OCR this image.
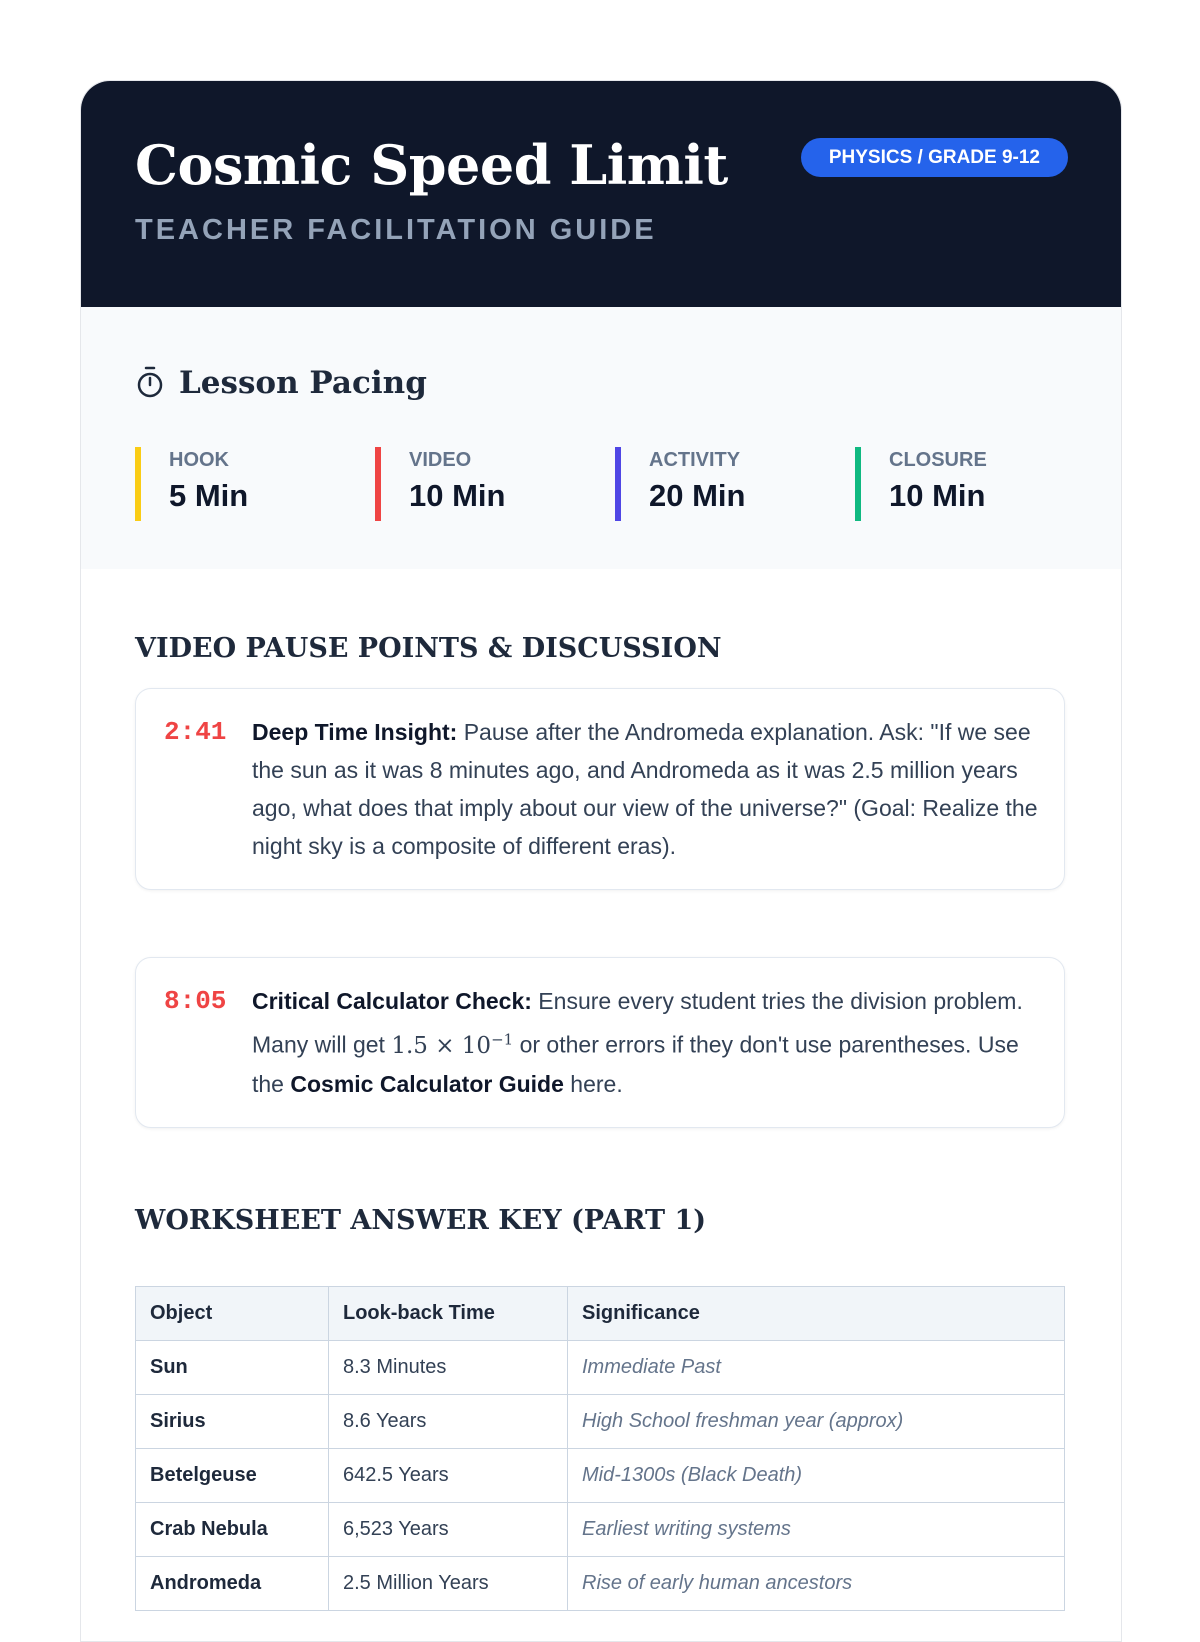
Cosmic Speed Limit
TEACHER FACILITATION GUIDE
PHYSICS / GRADE 9-12
Lesson Pacing
HOOK
5 Min
VIDEO
10 Min
ACTIVITY
20 Min
CLOSURE
10 Min
VIDEO PAUSE POINTS & DISCUSSION
2:41 Deep Time Insight: Pause after the Andromeda explanation. Ask: "If we see the sun as it was 8 minutes ago, and Andromeda as it was 2.5 million years ago, what does that imply about our view of the universe?" (Goal: Realize the night sky is a composite of different eras).
8:05 Critical Calculator Check: Ensure every student tries the division problem. Many will get $1.5 \times 10^{-1}$ or other errors if they don't use parentheses. Use the Cosmic Calculator Guide here.
WORKSHEET ANSWER KEY (PART 1)
Object	Look-back Time	Significance
Sun	8.3 Minutes	Immediate Past
Sirius	8.6 Years	High School freshman year (approx)
Betelgeuse	642.5 Years	Mid-1300s (Black Death)
Crab Nebula	6,523 Years	Earliest writing systems
Andromeda	2.5 Million Years	Rise of early human ancestors
